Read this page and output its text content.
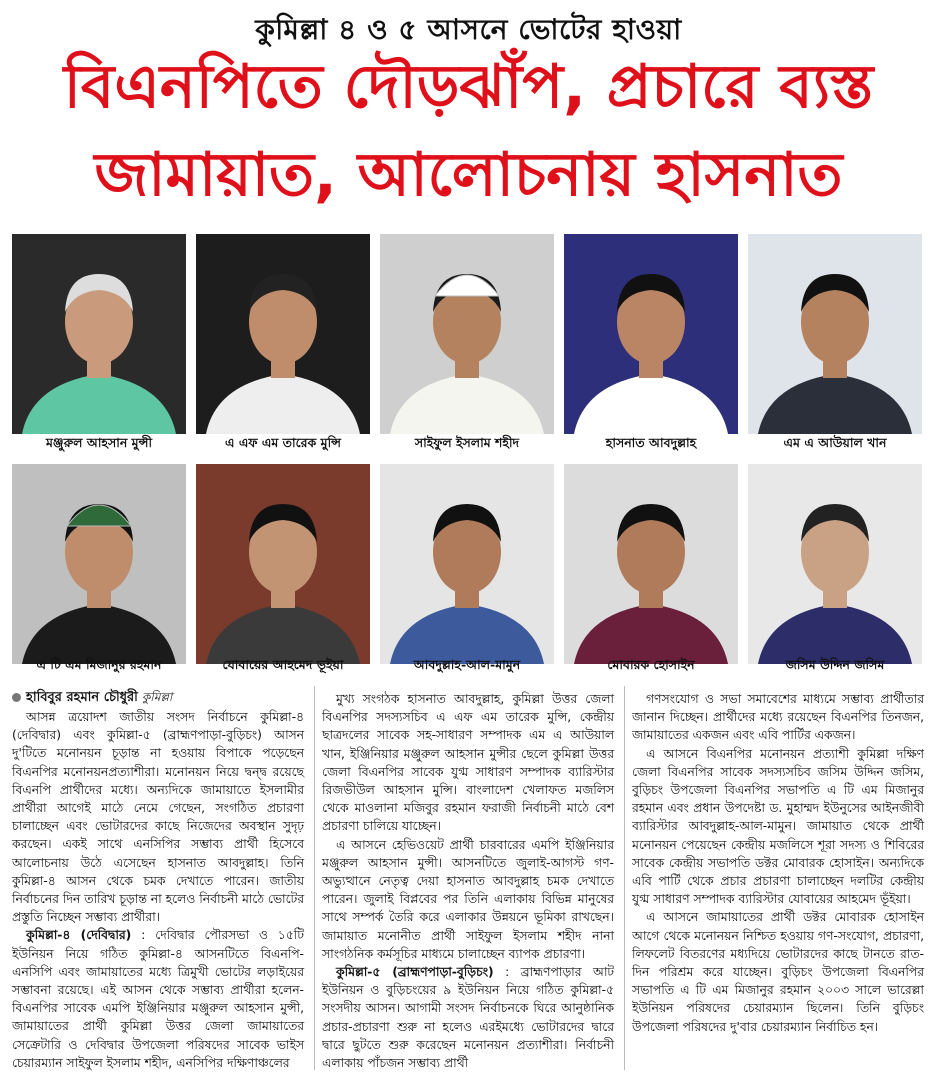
কুমিল্লা ৪ ও ৫ আসনে ভোটের হাওয়া
বিএনপিতে দৌড়ঝাঁপ, প্রচারে ব্যস্ত
জামায়াত, আলোচনায় হাসনাত
মঞ্জুরুল আহসান মুন্সী	এ এফ এম তারেক মুন্সি	সাইফুল ইসলাম শহীদ	হাসনাত আবদুল্লাহ	এম এ আউয়াল খান
এ টি এম মিজানুর রহমান	যোবায়ের আহমেদ ভূইয়া	আবদুল্লাহ-আল-মামুন	মোবারক হোসাইন	জসিম উদ্দিন জসিম
হাবিবুর রহমান চৌধুরী কুমিল্লা

আসন্ন ত্রয়োদশ জাতীয় সংসদ নির্বাচনে কুমিল্লা-৪ (দেবিদ্বার) এবং কুমিল্লা-৫ (ব্রাহ্মণপাড়া-বুড়িচং) আসন দু'টিতে মনোনয়ন চূড়ান্ত না হওয়ায় বিপাকে পড়েছেন বিএনপির মনোনয়নপ্রত্যাশীরা। মনোনয়ন নিয়ে দ্বন্দ্ব রয়েছে বিএনপি প্রার্থীদের মধ্যে। অন্যদিকে জামায়াতে ইসলামীর প্রার্থীরা আগেই মাঠে নেমে গেছেন, সংগঠিত প্রচারণা চালাচ্ছেন এবং ভোটারদের কাছে নিজেদের অবস্থান সুদৃঢ় করছেন। একই সাথে এনসিপির সম্ভাব্য প্রার্থী হিসেবে আলোচনায় উঠে এসেছেন হাসনাত আবদুল্লাহ। তিনি কুমিল্লা-৪ আসন থেকে চমক দেখাতে পারেন। জাতীয় নির্বাচনের দিন তারিখ চূড়ান্ত না হলেও নির্বাচনী মাঠে ভোটের প্রস্তুতি নিচ্ছেন সম্ভাব্য প্রার্থীরা।

কুমিল্লা-৪ (দেবিদ্বার) : দেবিদ্বার পৌরসভা ও ১৫টি ইউনিয়ন নিয়ে গঠিত কুমিল্লা-৪ আসনটিতে বিএনপি-এনসিপি এবং জামায়াতের মধ্যে ত্রিমুখী ভোটের লড়াইয়ের সম্ভাবনা রয়েছে। এই আসন থেকে সম্ভাব্য প্রার্থীরা হলেন- বিএনপির সাবেক এমপি ইঞ্জিনিয়ার মঞ্জুরুল আহসান মুন্সী, জামায়াতের প্রার্থী কুমিল্লা উত্তর জেলা জামায়াতের সেক্রেটারি ও দেবিদ্বার উপজেলা পরিষদের সাবেক ভাইস চেয়ারম্যান সাইফুল ইসলাম শহীদ, এনসিপির দক্ষিণাঞ্চলের

মুখ্য সংগঠক হাসনাত আবদুল্লাহ, কুমিল্লা উত্তর জেলা বিএনপির সদস্যসচিব এ এফ এম তারেক মুন্সি, কেন্দ্রীয় ছাত্রদলের সাবেক সহ-সাধারণ সম্পাদক এম এ আউয়াল খান, ইঞ্জিনিয়ার মঞ্জুরুল আহসান মুন্সীর ছেলে কুমিল্লা উত্তর জেলা বিএনপির সাবেক যুগ্ম সাধারণ সম্পাদক ব্যারিস্টার রিজভীউল আহসান মুন্সি। বাংলাদেশ খেলাফত মজলিস থেকে মাওলানা মজিবুর রহমান ফরাজী নির্বাচনী মাঠে বেশ প্রচারণা চালিয়ে যাচ্ছেন।

এ আসনে হেভিওয়েট প্রার্থী চারবারের এমপি ইঞ্জিনিয়ার মঞ্জুরুল আহসান মুন্সী। আসনটিতে জুলাই-আগস্ট গণ-অভ্যুত্থানে নেতৃত্ব দেয়া হাসনাত আবদুল্লাহ চমক দেখাতে পারেন। জুলাই বিপ্লবের পর তিনি এলাকায় বিভিন্ন মানুষের সাথে সম্পর্ক তৈরি করে এলাকার উন্নয়নে ভূমিকা রাখছেন। জামায়াত মনোনীত প্রার্থী সাইফুল ইসলাম শহীদ নানা সাংগঠনিক কর্মসূচির মাধ্যমে চালাচ্ছেন ব্যাপক প্রচারণা।

কুমিল্লা-৫ (ব্রাহ্মণপাড়া-বুড়িচং) : ব্রাহ্মণপাড়ার আট ইউনিয়ন ও বুড়িচংয়ের ৯ ইউনিয়ন নিয়ে গঠিত কুমিল্লা-৫ সংসদীয় আসন। আগামী সংসদ নির্বাচনকে ঘিরে আনুষ্ঠানিক প্রচার-প্রচারণা শুরু না হলেও এরইমধ্যে ভোটারদের দ্বারে দ্বারে ছুটতে শুরু করেছেন মনোনয়ন প্রত্যাশীরা। নির্বাচনী এলাকায় পাঁচজন সম্ভাব্য প্রার্থী

গণসংযোগ ও সভা সমাবেশের মাধ্যমে সম্ভাব্য প্রার্থীতার জানান দিচ্ছেন। প্রার্থীদের মধ্যে রয়েছেন বিএনপির তিনজন, জামায়াতের একজন এবং এবি পার্টির একজন।

এ আসনে বিএনপির মনোনয়ন প্রত্যাশী কুমিল্লা দক্ষিণ জেলা বিএনপির সাবেক সদস্যসচিব জসিম উদ্দিন জসিম, বুড়িচং উপজেলা বিএনপির সভাপতি এ টি এম মিজানুর রহমান এবং প্রধান উপদেষ্টা ড. মুহাম্মদ ইউনুসের আইনজীবী ব্যারিস্টার আবদুল্লাহ-আল-মামুন। জামায়াত থেকে প্রার্থী মনোনয়ন পেয়েছেন কেন্দ্রীয় মজলিসে শূরা সদস্য ও শিবিরের সাবেক কেন্দ্রীয় সভাপতি ডক্টর মোবারক হোসাইন। অন্যদিকে এবি পার্টি থেকে প্রচার প্রচারণা চালাচ্ছেন দলটির কেন্দ্রীয় যুগ্ম সাধারণ সম্পাদক ব্যারিস্টার যোবায়ের আহমেদ ভূঁইয়া।

এ আসনে জামায়াতের প্রার্থী ডক্টর মোবারক হোসাইন আগে থেকে মনোনয়ন নিশ্চিত হওয়ায় গণ-সংযোগ, প্রচারণা, লিফলেট বিতরণের মধ্যদিয়ে ভোটারদের কাছে টানতে রাত-দিন পরিশ্রম করে যাচ্ছেন। বুড়িচং উপজেলা বিএনপির সভাপতি এ টি এম মিজানুর রহমান ২০০৩ সালে ভারেল্লা ইউনিয়ন পরিষদের চেয়ারম্যান ছিলেন। তিনি বুড়িচং উপজেলা পরিষদের দু'বার চেয়ারম্যান নির্বাচিত হন।
